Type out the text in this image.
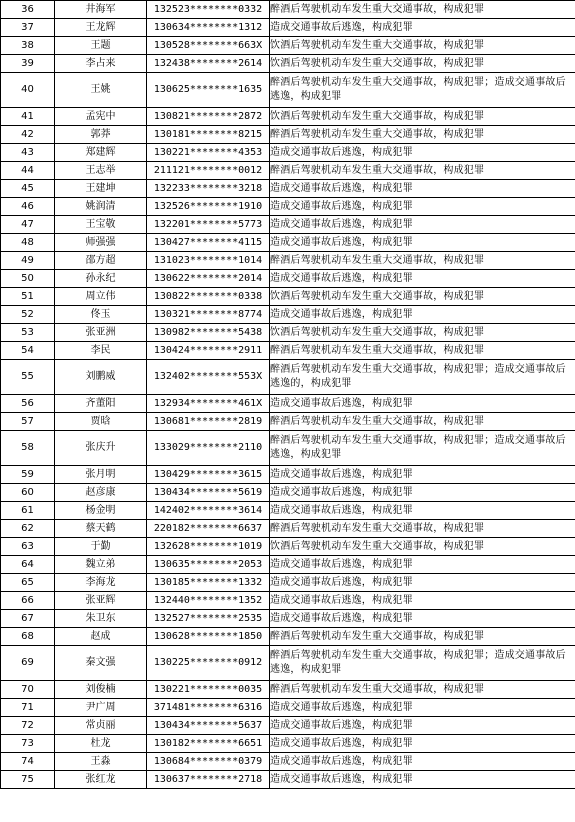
36	井海军	132523********0332	醉酒后驾驶机动车发生重大交通事故，构成犯罪
37	王龙辉	130634********1312	造成交通事故后逃逸，构成犯罪
38	王题	130528********663X	饮酒后驾驶机动车发生重大交通事故，构成犯罪
39	李占来	132438********2614	饮酒后驾驶机动车发生重大交通事故，构成犯罪
40	王姚	130625********1635	醉酒后驾驶机动车发生重大交通事故，构成犯罪；造成交通事故后逃逸，构成犯罪
41	孟宪中	130821********2872	饮酒后驾驶机动车发生重大交通事故，构成犯罪
42	郭莽	130181********8215	醉酒后驾驶机动车发生重大交通事故，构成犯罪
43	郑建辉	130221********4353	造成交通事故后逃逸，构成犯罪
44	王志举	211121********0012	醉酒后驾驶机动车发生重大交通事故，构成犯罪
45	王建坤	132233********3218	造成交通事故后逃逸，构成犯罪
46	姚润清	132526********1910	造成交通事故后逃逸，构成犯罪
47	王宝敬	132201********5773	造成交通事故后逃逸，构成犯罪
48	师强强	130427********4115	造成交通事故后逃逸，构成犯罪
49	邵方超	131023********1014	醉酒后驾驶机动车发生重大交通事故，构成犯罪
50	孙永纪	130622********2014	造成交通事故后逃逸，构成犯罪
51	周立伟	130822********0338	饮酒后驾驶机动车发生重大交通事故，构成犯罪
52	佟玉	130321********8774	造成交通事故后逃逸，构成犯罪
53	张亚洲	130982********5438	饮酒后驾驶机动车发生重大交通事故，构成犯罪
54	李民	130424********2911	醉酒后驾驶机动车发生重大交通事故，构成犯罪
55	刘鹏威	132402********553X	醉酒后驾驶机动车发生重大交通事故，构成犯罪；造成交通事故后逃逸的，构成犯罪
56	齐董阳	132934********461X	造成交通事故后逃逸，构成犯罪
57	贾晗	130681********2819	醉酒后驾驶机动车发生重大交通事故，构成犯罪
58	张庆升	133029********2110	醉酒后驾驶机动车发生重大交通事故，构成犯罪；造成交通事故后逃逸，构成犯罪
59	张月明	130429********3615	造成交通事故后逃逸，构成犯罪
60	赵彦康	130434********5619	造成交通事故后逃逸，构成犯罪
61	杨金明	142402********3614	造成交通事故后逃逸，构成犯罪
62	蔡天鹤	220182********6637	醉酒后驾驶机动车发生重大交通事故，构成犯罪
63	于勤	132628********1019	饮酒后驾驶机动车发生重大交通事故，构成犯罪
64	魏立弟	130635********2053	造成交通事故后逃逸，构成犯罪
65	李海龙	130185********1332	造成交通事故后逃逸，构成犯罪
66	张亚辉	132440********1352	造成交通事故后逃逸，构成犯罪
67	朱卫东	132527********2535	造成交通事故后逃逸，构成犯罪
68	赵成	130628********1850	醉酒后驾驶机动车发生重大交通事故，构成犯罪
69	秦文强	130225********0912	醉酒后驾驶机动车发生重大交通事故，构成犯罪；造成交通事故后逃逸，构成犯罪
70	刘俊楠	130221********0035	醉酒后驾驶机动车发生重大交通事故，构成犯罪
71	尹广周	371481********6316	造成交通事故后逃逸，构成犯罪
72	常贞丽	130434********5637	造成交通事故后逃逸，构成犯罪
73	杜龙	130182********6651	造成交通事故后逃逸，构成犯罪
74	王淼	130684********0379	造成交通事故后逃逸，构成犯罪
75	张红龙	130637********2718	造成交通事故后逃逸，构成犯罪
